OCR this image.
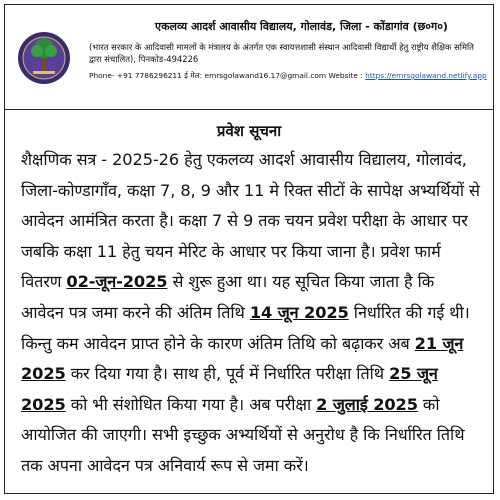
एकलव्य आदर्श आवासीय विद्यालय, गोलावंड, जिला - कोंडागांव (छ०ग०)
(भारत सरकार के आदिवासी मामलों के मंत्रालय के अंतर्गत एक स्वायत्तशासी संस्थान आदिवासी विद्यार्थी हेतु राष्ट्रीय शैक्षिक समिति द्वारा संचालित), पिनकोड-494226
Phone- +91 7786296211 ई मेल: emrsgolawand16.17@gmail.com Website : https://emrsgolawand.netlify.app
प्रवेश सूचना
शैक्षणिक सत्र - 2025-26 हेतु एकलव्य आदर्श आवासीय विद्यालय, गोलावंद, जिला-कोण्डागाँव, कक्षा 7, 8, 9 और 11 मे रिक्त सीटों के सापेक्ष अभ्यर्थियों से आवेदन आमंत्रित करता है। कक्षा 7 से 9 तक चयन प्रवेश परीक्षा के आधार पर जबकि कक्षा 11 हेतु चयन मेरिट के आधार पर किया जाना है। प्रवेश फार्म वितरण 02-जून-2025 से शुरू हुआ था। यह सूचित किया जाता है कि आवेदन पत्र जमा करने की अंतिम तिथि 14 जून 2025 निर्धारित की गई थी। किन्तु कम आवेदन प्राप्त होने के कारण अंतिम तिथि को बढ़ाकर अब 21 जून 2025 कर दिया गया है। साथ ही, पूर्व में निर्धारित परीक्षा तिथि 25 जून 2025 को भी संशोधित किया गया है। अब परीक्षा 2 जुलाई 2025 को आयोजित की जाएगी। सभी इच्छुक अभ्यर्थियों से अनुरोध है कि निर्धारित तिथि तक अपना आवेदन पत्र अनिवार्य रूप से जमा करें।
